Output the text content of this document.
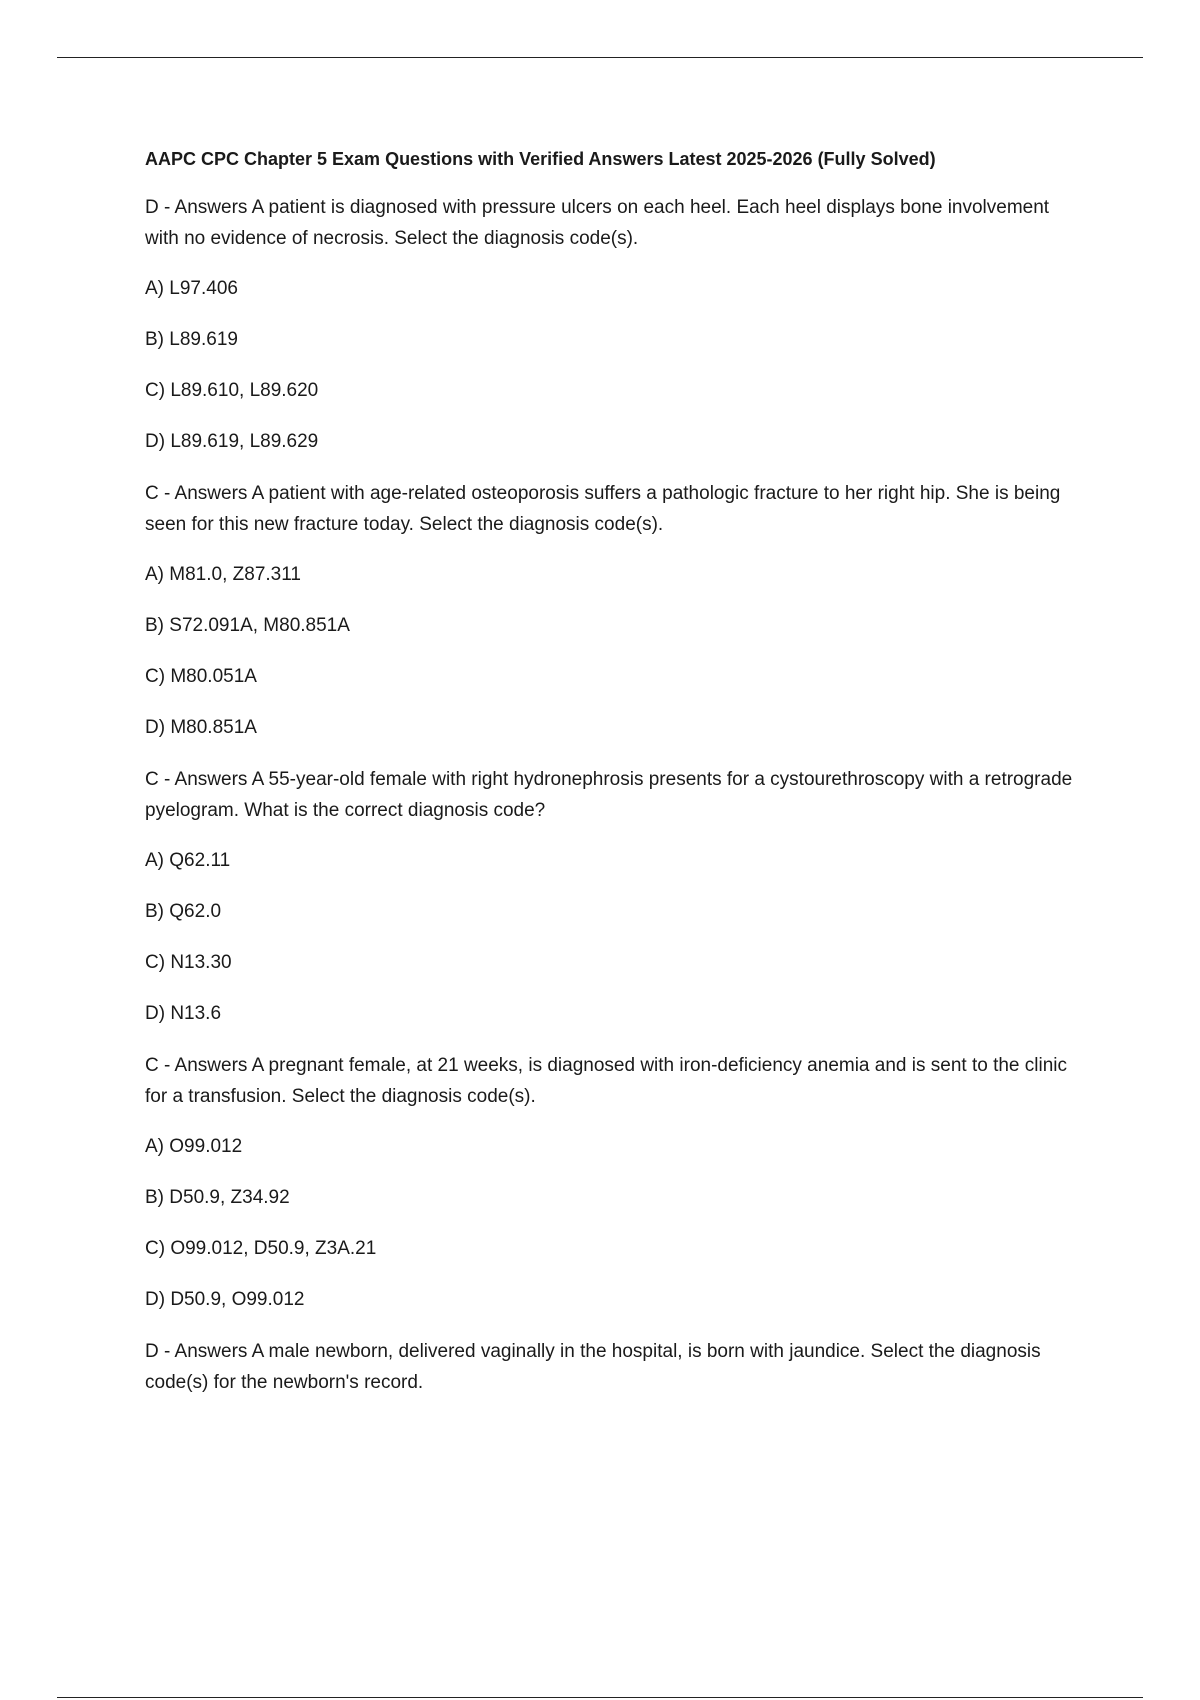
AAPC CPC Chapter 5 Exam Questions with Verified Answers Latest 2025-2026 (Fully Solved)
D - Answers A patient is diagnosed with pressure ulcers on each heel. Each heel displays bone involvement with no evidence of necrosis. Select the diagnosis code(s).
A) L97.406
B) L89.619
C) L89.610, L89.620
D) L89.619, L89.629
C - Answers A patient with age-related osteoporosis suffers a pathologic fracture to her right hip. She is being seen for this new fracture today. Select the diagnosis code(s).
A) M81.0, Z87.311
B) S72.091A, M80.851A
C) M80.051A
D) M80.851A
C - Answers A 55-year-old female with right hydronephrosis presents for a cystourethroscopy with a retrograde pyelogram. What is the correct diagnosis code?
A) Q62.11
B) Q62.0
C) N13.30
D) N13.6
C - Answers A pregnant female, at 21 weeks, is diagnosed with iron-deficiency anemia and is sent to the clinic for a transfusion. Select the diagnosis code(s).
A) O99.012
B) D50.9, Z34.92
C) O99.012, D50.9, Z3A.21
D) D50.9, O99.012
D - Answers A male newborn, delivered vaginally in the hospital, is born with jaundice. Select the diagnosis code(s) for the newborn's record.
